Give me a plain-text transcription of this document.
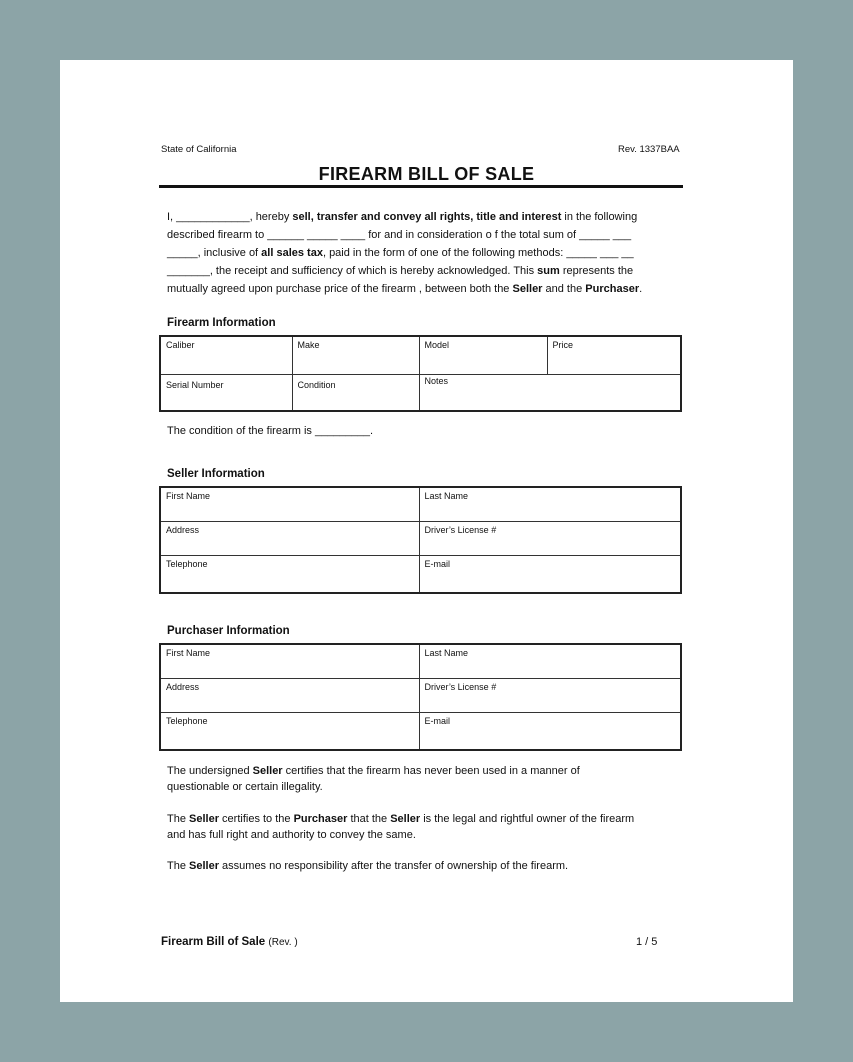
State of California	Rev. 1337BAA
FIREARM BILL OF SALE
I, ____________, hereby sell, transfer and convey all rights, title and interest in the following
described firearm to ______ _____ ____ for and in consideration o f the total sum of _____ ___
_____, inclusive of all sales tax, paid in the form of one of the following methods: _____ ___ __
_______, the receipt and sufficiency of which is hereby acknowledged. This sum represents the
mutually agreed upon purchase price of the firearm , between both the Seller and the Purchaser.
Firearm Information
Caliber	Make	Model	Price
Serial Number	Condition	Notes	
The condition of the firearm is _________.
Seller Information
First Name	Last Name
Address	Driver’s License #
Telephone	E-mail
Purchaser Information
First Name	Last Name
Address	Driver’s License #
Telephone	E-mail
The undersigned Seller certifies that the firearm has never been used in a manner of
questionable or certain illegality.
The Seller certifies to the Purchaser that the Seller is the legal and rightful owner of the firearm
and has full right and authority to convey the same.
The Seller assumes no responsibility after the transfer of ownership of the firearm.
Firearm Bill of Sale (Rev. )	1 / 5
